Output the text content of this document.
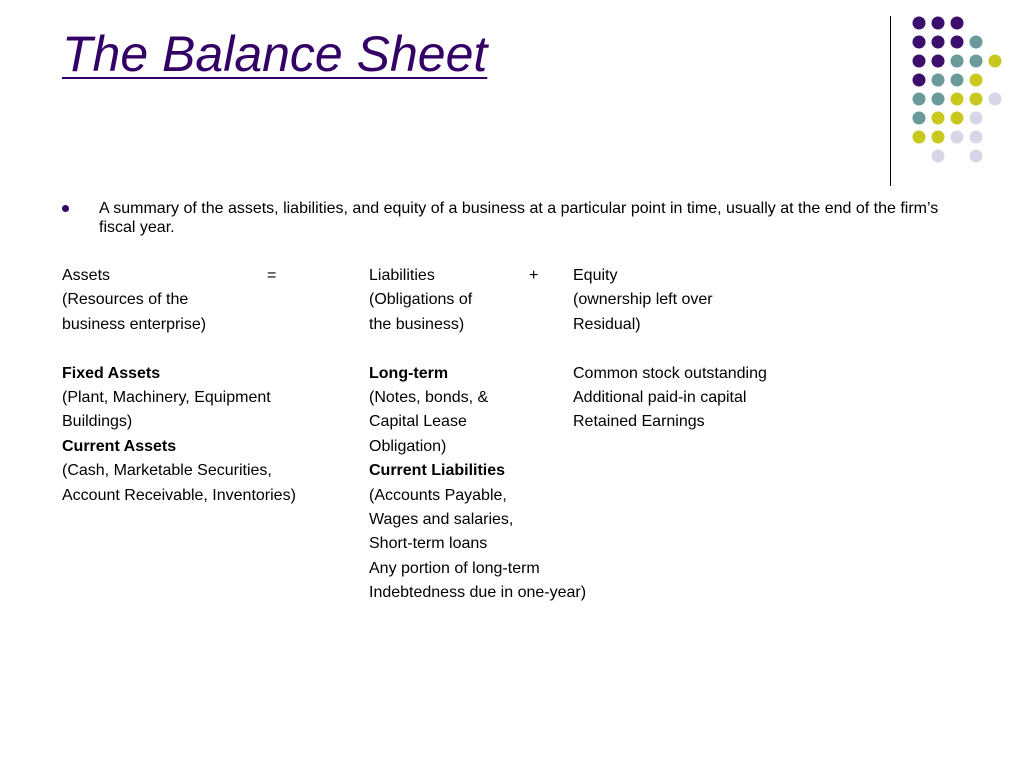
The Balance Sheet

A summary of the assets, liabilities, and equity of a business at a particular point in time, usually at the end of the firm’s fiscal year.

Assets
(Resources of the
business enterprise)
Fixed Assets
(Plant, Machinery, Equipment
Buildings)
Current Assets
(Cash, Marketable Securities,
Account Receivable, Inventories)
=	Liabilities
(Obligations of
the business)
Long-term
(Notes, bonds, &
Capital Lease
Obligation)
Current Liabilities
(Accounts Payable,
Wages and salaries,
Short-term loans
Any portion of long-term
Indebtedness due in one-year)
+ Equity
(ownership left over
Residual)
Common stock outstanding
Additional paid-in capital
Retained Earnings
